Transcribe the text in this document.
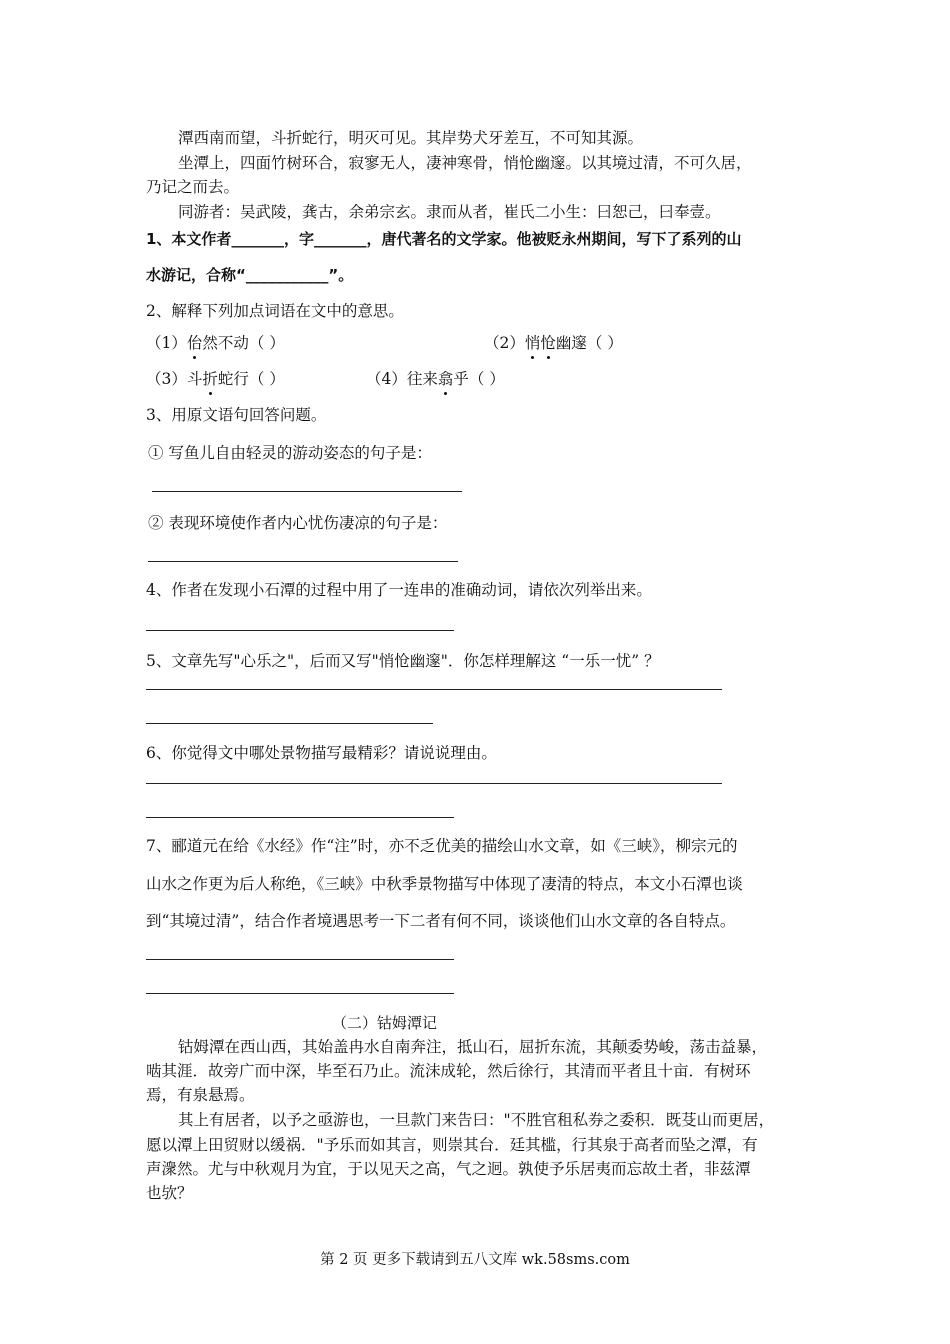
潭西南而望，斗折蛇行，明灭可见。其岸势犬牙差互，不可知其源。
坐潭上，四面竹树环合，寂寥无人，凄神寒骨，悄怆幽邃。以其境过清，不可久居，
乃记之而去。
同游者：吴武陵，龚古，余弟宗玄。隶而从者，崔氏二小生：曰恕己，曰奉壹。
1、本文作者_______，字_______，唐代著名的文学家。他被贬永州期间，写下了系列的山
水游记，合称“___________”。
2、解释下列加点词语在文中的意思。
（1）佁然不动（ ）	（2）悄怆幽邃（ ）
（3）斗折蛇行（ ）	（4）往来翕乎（ ）
3、用原文语句回答问题。
① 写鱼儿自由轻灵的游动姿态的句子是：
② 表现环境使作者内心忧伤凄凉的句子是：
4、作者在发现小石潭的过程中用了一连串的准确动词，请依次列举出来。
5、文章先写"心乐之"，后而又写"悄怆幽邃"．你怎样理解这 “一乐一忧” ？
6、你觉得文中哪处景物描写最精彩？请说说理由。
7、郦道元在给《水经》作“注”时，亦不乏优美的描绘山水文章，如《三峡》，柳宗元的
山水之作更为后人称绝，《三峡》中秋季景物描写中体现了凄清的特点，本文小石潭也谈
到“其境过清”，结合作者境遇思考一下二者有何不同，谈谈他们山水文章的各自特点。
（二）钴姆潭记
钴姆潭在西山西，其始盖冉水自南奔注，抵山石，屈折东流，其颠委势峻，荡击益暴，
啮其涯．故旁广而中深，毕至石乃止。流沫成轮，然后徐行，其清而平者且十亩．有树环
焉，有泉悬焉。
其上有居者，以予之亟游也，一旦款门来告曰："不胜官租私券之委积．既芟山而更居，
愿以潭上田贸财以缓祸．"予乐而如其言，则崇其台．廷其槛，行其泉于高者而坠之潭，有
声潨然。尤与中秋观月为宜，于以见天之高，气之迥。孰使予乐居夷而忘故土者，非兹潭
也欤？
第 2 页 更多下载请到五八文库 wk.58sms.com
